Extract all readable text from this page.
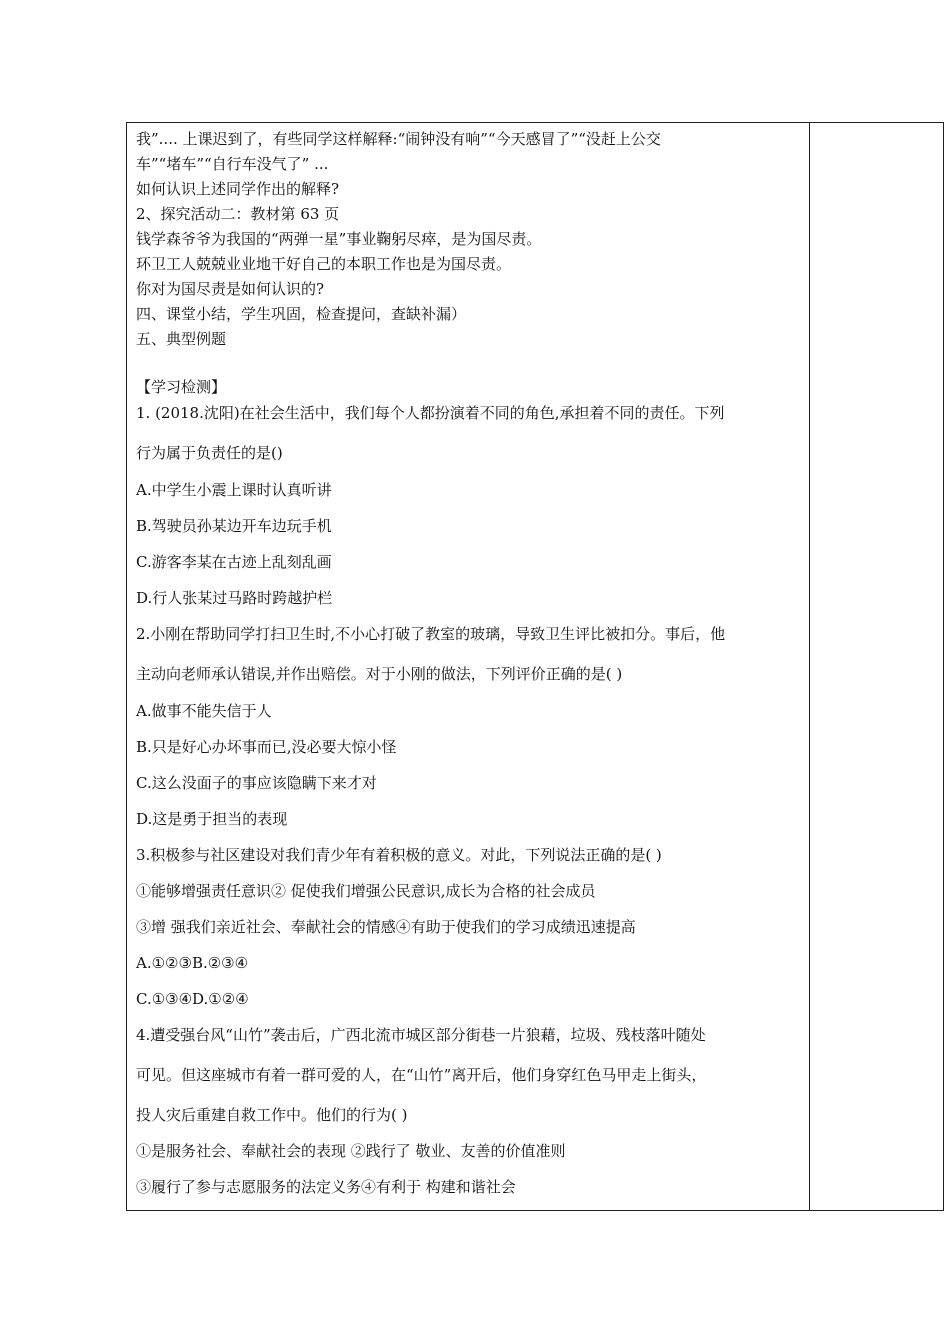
我”.... 上课迟到了，有些同学这样解释:“闹钟没有响”“今天感冒了”“没赶上公交
车”“堵车”“自行车没气了” ...
如何认识上述同学作出的解释?
2、探究活动二：教材第 63 页
钱学森爷爷为我国的“两弹一星”事业鞠躬尽瘁，是为国尽责。
环卫工人兢兢业业地干好自己的本职工作也是为国尽责。
你对为国尽责是如何认识的?
四、课堂小结，学生巩固，检查提问，查缺补漏）
五、典型例题
【学习检测】
1. (2018.沈阳)在社会生活中，我们每个人都扮演着不同的角色,承担着不同的责任。下列
行为属于负责任的是()
A.中学生小震上课时认真听讲
B.驾驶员孙某边开车边玩手机
C.游客李某在古迹上乱刻乱画
D.行人张某过马路时跨越护栏
2.小刚在帮助同学打扫卫生时,不小心打破了教室的玻璃，导致卫生评比被扣分。事后，他
主动向老师承认错误,并作出赔偿。对于小刚的做法，下列评价正确的是( )
A.做事不能失信于人
B.只是好心办坏事而已,没必要大惊小怪
C.这么没面子的事应该隐瞒下来才对
D.这是勇于担当的表现
3.积极参与社区建设对我们青少年有着积极的意义。对此，下列说法正确的是( )
①能够增强责任意识② 促使我们增强公民意识,成长为合格的社会成员
③增 强我们亲近社会、奉献社会的情感④有助于使我们的学习成绩迅速提高
A.①②③B.②③④
C.①③④D.①②④
4.遭受强台风“山竹”袭击后，广西北流市城区部分街巷一片狼藉，垃圾、残枝落叶随处
可见。但这座城市有着一群可爱的人，在“山竹”离开后，他们身穿红色马甲走上街头，
投人灾后重建自救工作中。他们的行为( )
①是服务社会、奉献社会的表现 ②践行了 敬业、友善的价值准则
③履行了参与志愿服务的法定义务④有利于 构建和谐社会
